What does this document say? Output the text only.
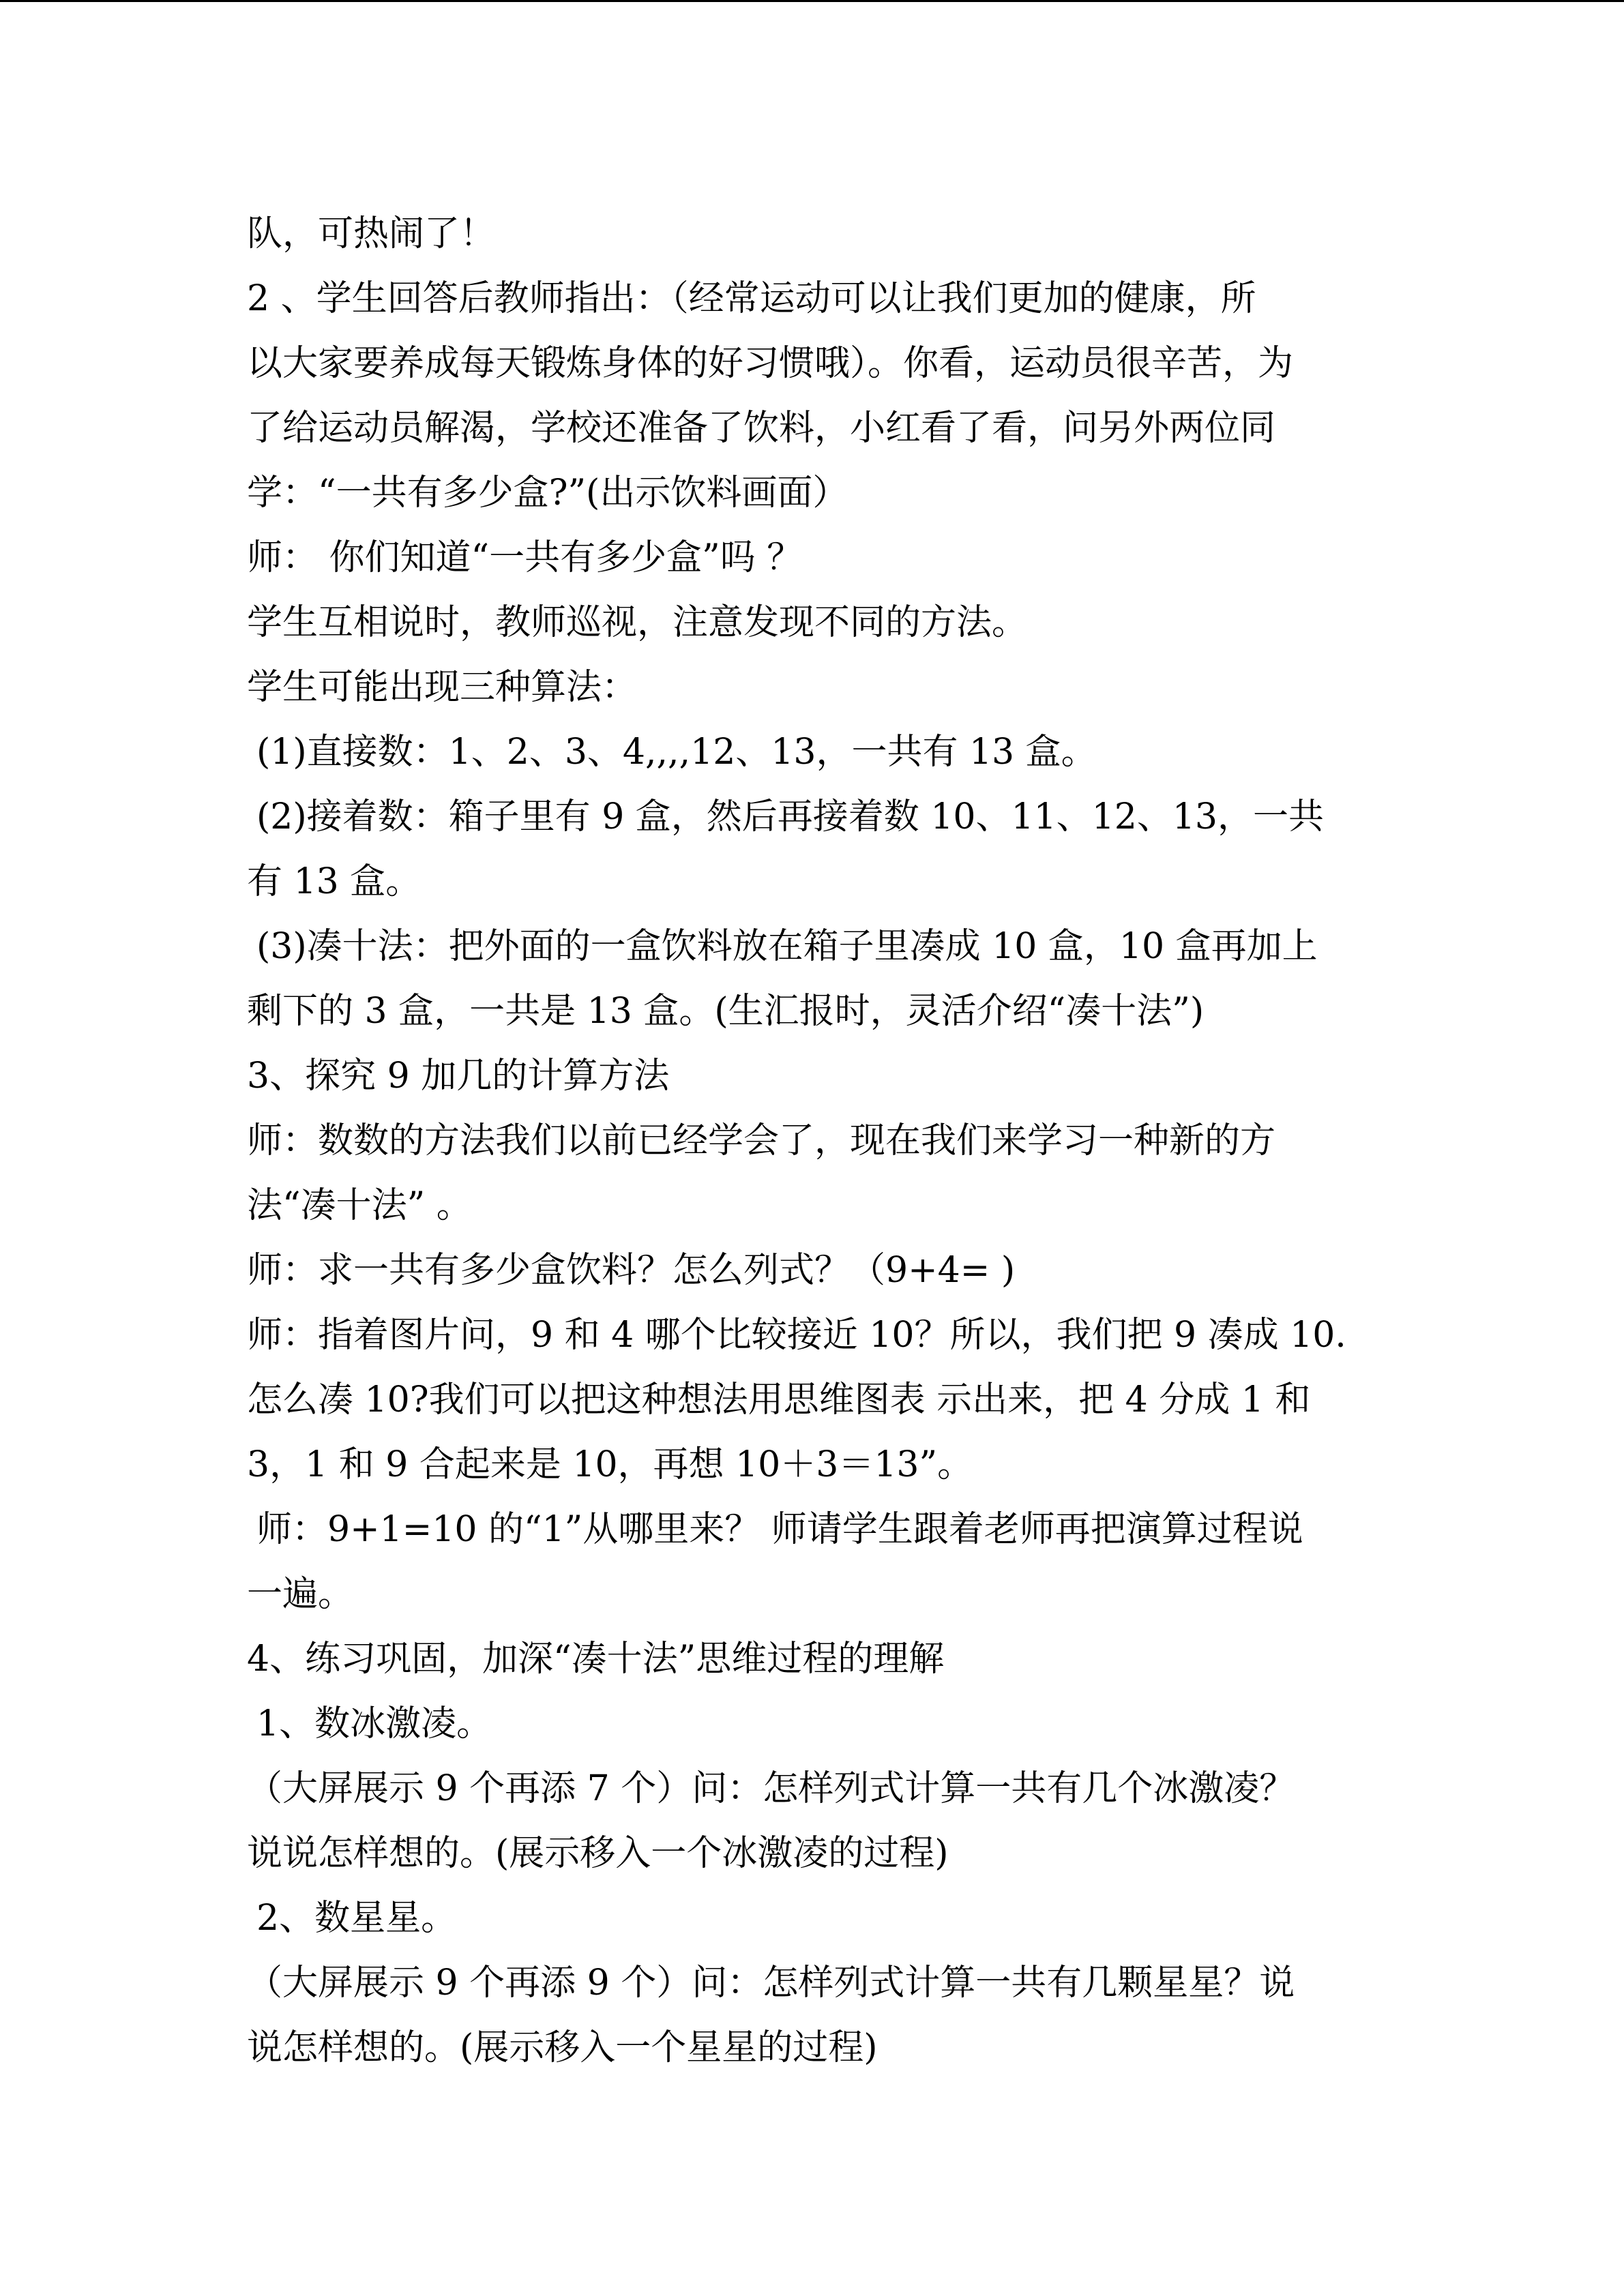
队，可热闹了！
2 、学生回答后教师指出：（经常运动可以让我们更加的健康，所
以大家要养成每天锻炼身体的好习惯哦）。你看，运动员很辛苦，为
了给运动员解渴，学校还准备了饮料，小红看了看，问另外两位同
学：“一共有多少盒?”(出示饮料画面）
师： 你们知道“一共有多少盒”吗 ？
学生互相说时，教师巡视，注意发现不同的方法。
学生可能出现三种算法：
(1)直接数：1、2、3、4,,,,12、13，一共有 13 盒。
(2)接着数：箱子里有 9 盒，然后再接着数 10、11、12、13，一共
有 13 盒。
(3)凑十法：把外面的一盒饮料放在箱子里凑成 10 盒，10 盒再加上
剩下的 3 盒，一共是 13 盒。(生汇报时，灵活介绍“凑十法”)
3、探究 9 加几的计算方法
师：数数的方法我们以前已经学会了，现在我们来学习一种新的方
法“凑十法” 。
师：求一共有多少盒饮料？怎么列式？（9+4= )
师：指着图片问，9 和 4 哪个比较接近 10？所以，我们把 9 凑成 10.
怎么凑 10?我们可以把这种想法用思维图表 示出来，把 4 分成 1 和
3，1 和 9 合起来是 10，再想 10＋3＝13”。
师：9+1=10 的“1”从哪里来？ 师请学生跟着老师再把演算过程说
一遍。
4、练习巩固，加深“凑十法”思维过程的理解
1、数冰激凌。
（大屏展示 9 个再添 7 个）问：怎样列式计算一共有几个冰激凌？
说说怎样想的。(展示移入一个冰激凌的过程)
2、数星星。
（大屏展示 9 个再添 9 个）问：怎样列式计算一共有几颗星星？说
说怎样想的。(展示移入一个星星的过程)
